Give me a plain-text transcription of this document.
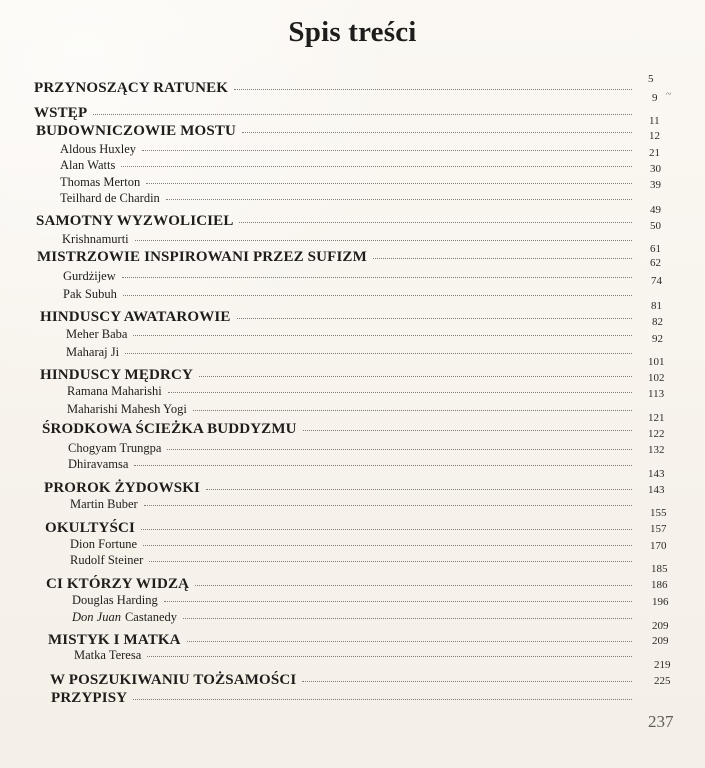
Spis treści
~
PRZYNOSZĄCY RATUNEK
5
WSTĘP
9
BUDOWNICZOWIE MOSTU
11
Aldous Huxley
12
Alan Watts
21
Thomas Merton
30
Teilhard de Chardin
39
SAMOTNY WYZWOLICIEL
49
Krishnamurti
50
MISTRZOWIE INSPIROWANI PRZEZ SUFIZM	61
Gurdżijew
62
Pak Subuh
74
HINDUSCY AWATAROWIE
81
Meher Baba
82
Maharaj Ji
92
HINDUSCY MĘDRCY
101
Ramana Maharishi
102
Maharishi Mahesh Yogi
113
ŚRODKOWA ŚCIEŻKA BUDDYZMU
121
Chogyam Trungpa
122
Dhiravamsa
132
PROROK ŻYDOWSKI
143
Martin Buber
143
OKULTYŚCI
155
Dion Fortune
157
Rudolf Steiner
170
CI KTÓRZY WIDZĄ
185
Douglas Harding
186
Don Juan Castanedy
196
MISTYK I MATKA
209
Matka Teresa
209
W POSZUKIWANIU TOŻSAMOŚCI
219
PRZYPISY
225
237
